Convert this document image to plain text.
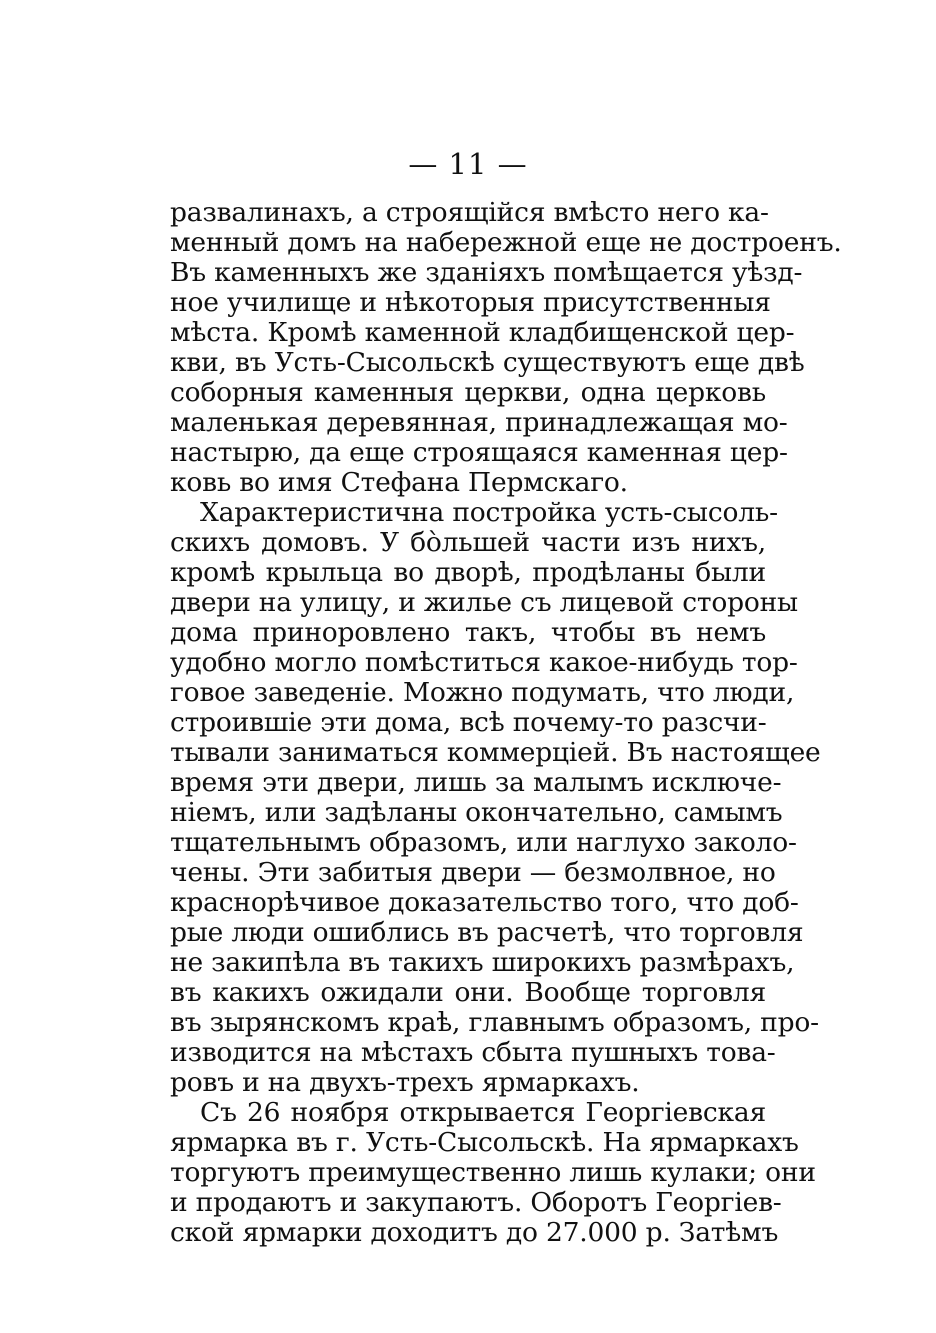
— 11 —
развалинахъ, а строящійся вмѣсто него ка-
менный домъ на набережной еще не достроенъ.
Въ каменныхъ же зданіяхъ помѣщается уѣзд-
ное училище и нѣкоторыя присутственныя
мѣста. Кромѣ каменной кладбищенской цер-
кви, въ Усть-Сысольскѣ существуютъ еще двѣ
соборныя каменныя церкви, одна церковь
маленькая деревянная, принадлежащая мо-
настырю, да еще строящаяся каменная цер-
ковь во имя Стефана Пермскаго.
Характеристична постройка усть-сысоль-
скихъ домовъ. У бо̀льшей части изъ нихъ,
кромѣ крыльца во дворѣ, продѣланы были
двери на улицу, и жилье съ лицевой стороны
дома приноровлено такъ, чтобы въ немъ
удобно могло помѣститься какое-нибудь тор-
говое заведеніе. Можно подумать, что люди,
строившіе эти дома, всѣ почему-то разсчи-
тывали заниматься коммерціей. Въ настоящее
время эти двери, лишь за малымъ исключе-
ніемъ, или задѣланы окончательно, самымъ
тщательнымъ образомъ, или наглухо заколо-
чены. Эти забитыя двери — безмолвное, но
краснорѣчивое доказательство того, что доб-
рые люди ошиблись въ расчетѣ, что торговля
не закипѣла въ такихъ широкихъ размѣрахъ,
въ какихъ ожидали они. Вообще торговля
въ зырянскомъ краѣ, главнымъ образомъ, про-
изводится на мѣстахъ сбыта пушныхъ това-
ровъ и на двухъ-трехъ ярмаркахъ.
Съ 26 ноября открывается Георгіевская
ярмарка въ г. Усть-Сысольскѣ. На ярмаркахъ
торгуютъ преимущественно лишь кулаки; они
и продаютъ и закупаютъ. Оборотъ Георгіев-
ской ярмарки доходитъ до 27.000 р. Затѣмъ
